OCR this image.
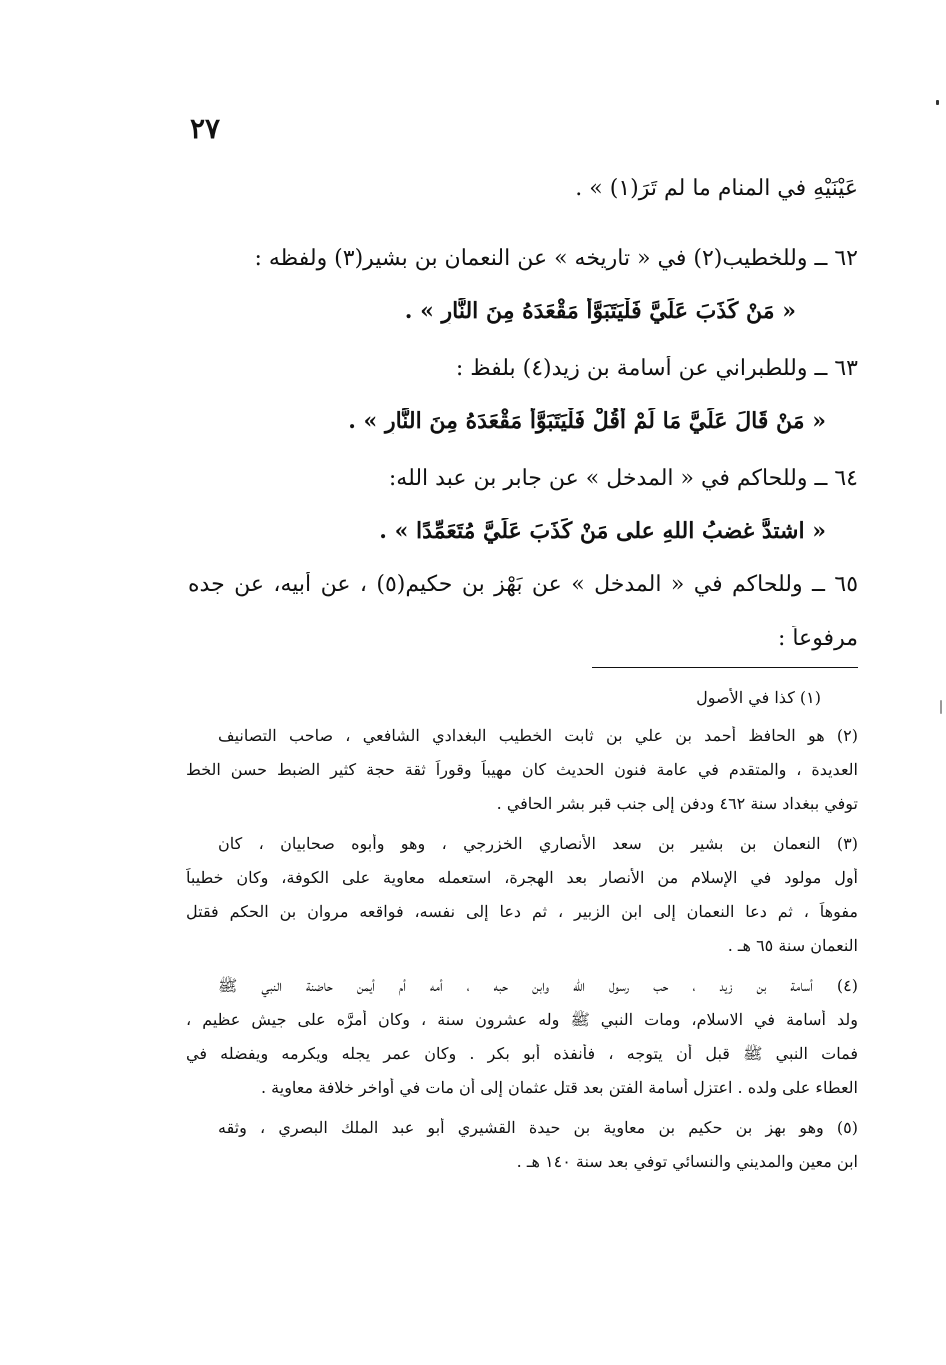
٢٧
عَيْنَيْهِ في المنام ما لم تَرَ(١) » .
٦٢ ــ وللخطيب(٢) في « تاريخه » عن النعمان بن بشير(٣) ولفظه :
« مَنْ كَذَبَ عَلَيَّ فَلْيَتَبَوَّأْ مَقْعَدَهُ مِنَ النَّارِ » .
٦٣ ــ وللطبراني عن أُسامة بن زيد(٤) بلفظ :
« مَنْ قَالَ عَلَيَّ مَا لَمْ أَقُلْ فَلْيَتَبَوَّأْ مَقْعَدَهُ مِنَ النَّارِ » .
٦٤ ــ وللحاكم في « المدخل » عن جابر بنِ عبد الله:
« اشتدَّ غضبُ اللهِ على مَنْ كَذَبَ عَلَيَّ مُتَعَمِّدًا » .
٦٥ ــ وللحاكم في « المدخل » عن بَهْز بن حكيم(٥) ، عن أبيه، عن جده
مرفوعاً :
(١) كذا في الأصول
(٢) هو الحافظ أحمد بن علي بن ثابت الخطيب البغدادي الشافعي ، صاحب التصانيف
العديدة ، والمتقدم في عامة فنون الحديث كان مهيباً وقوراً ثقة حجة كثير الضبط حسن الخط
توفي ببغداد سنة ٤٦٢ ودفن إلى جنب قبر بشر الحافي .
(٣) النعمان بن بشير بن سعد الأنصاري الخزرجي ، وهو وأبوه صحابيان ، كان
أول مولود في الإسلام من الأنصار بعد الهجرة، استعمله معاوية على الكوفة، وكان خطيباً
مفوهاً ، ثم دعا النعمان إلى ابن الزبير ، ثم دعا إلى نفسه، فواقعه مروان بن الحكم فقتل
النعمان سنة ٦٥ هـ .
(٤) أسامة بن زيد ، حب رسول الله وابن حبه ، أمه أم أيمن حاضنة النبي ﷺ
ولد أسامة في الاسلام، ومات النبي ﷺ وله عشرون سنة ، وكان أمرَّه على جيش عظيم ،
فمات النبي ﷺ قبل أن يتوجه ، فأنفذه أبو بكر . وكان عمر يجله ويكرمه ويفضله في
العطاء على ولده . اعتزل أسامة الفتن بعد قتل عثمان إلى أن مات في أواخر خلافة معاوية .
(٥) وهو بهز بن حكيم بن معاوية بن حيدة القشيري أبو عبد الملك البصري ، وثقه
ابن معين والمديني والنسائي توفي بعد سنة ١٤٠ هـ .
